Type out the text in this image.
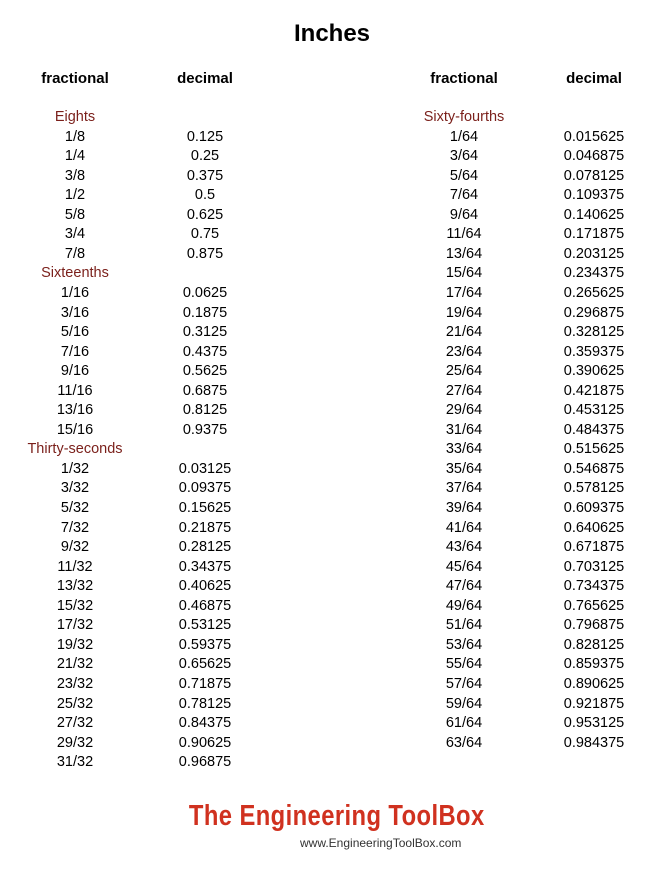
Inches
fractional	decimal	fractional	decimal
Eights
1/8	0.125
1/4	0.25
3/8	0.375
1/2	0.5
5/8	0.625
3/4	0.75
7/8	0.875
Sixteenths
1/16	0.0625
3/16	0.1875
5/16	0.3125
7/16	0.4375
9/16	0.5625
11/16	0.6875
13/16	0.8125
15/16	0.9375
Thirty-seconds
1/32	0.03125
3/32	0.09375
5/32	0.15625
7/32	0.21875
9/32	0.28125
11/32	0.34375
13/32	0.40625
15/32	0.46875
17/32	0.53125
19/32	0.59375
21/32	0.65625
23/32	0.71875
25/32	0.78125
27/32	0.84375
29/32	0.90625
31/32	0.96875
Sixty-fourths
1/64	0.015625
3/64	0.046875
5/64	0.078125
7/64	0.109375
9/64	0.140625
11/64	0.171875
13/64	0.203125
15/64	0.234375
17/64	0.265625
19/64	0.296875
21/64	0.328125
23/64	0.359375
25/64	0.390625
27/64	0.421875
29/64	0.453125
31/64	0.484375
33/64	0.515625
35/64	0.546875
37/64	0.578125
39/64	0.609375
41/64	0.640625
43/64	0.671875
45/64	0.703125
47/64	0.734375
49/64	0.765625
51/64	0.796875
53/64	0.828125
55/64	0.859375
57/64	0.890625
59/64	0.921875
61/64	0.953125
63/64	0.984375
The Engineering ToolBox
www.EngineeringToolBox.com
